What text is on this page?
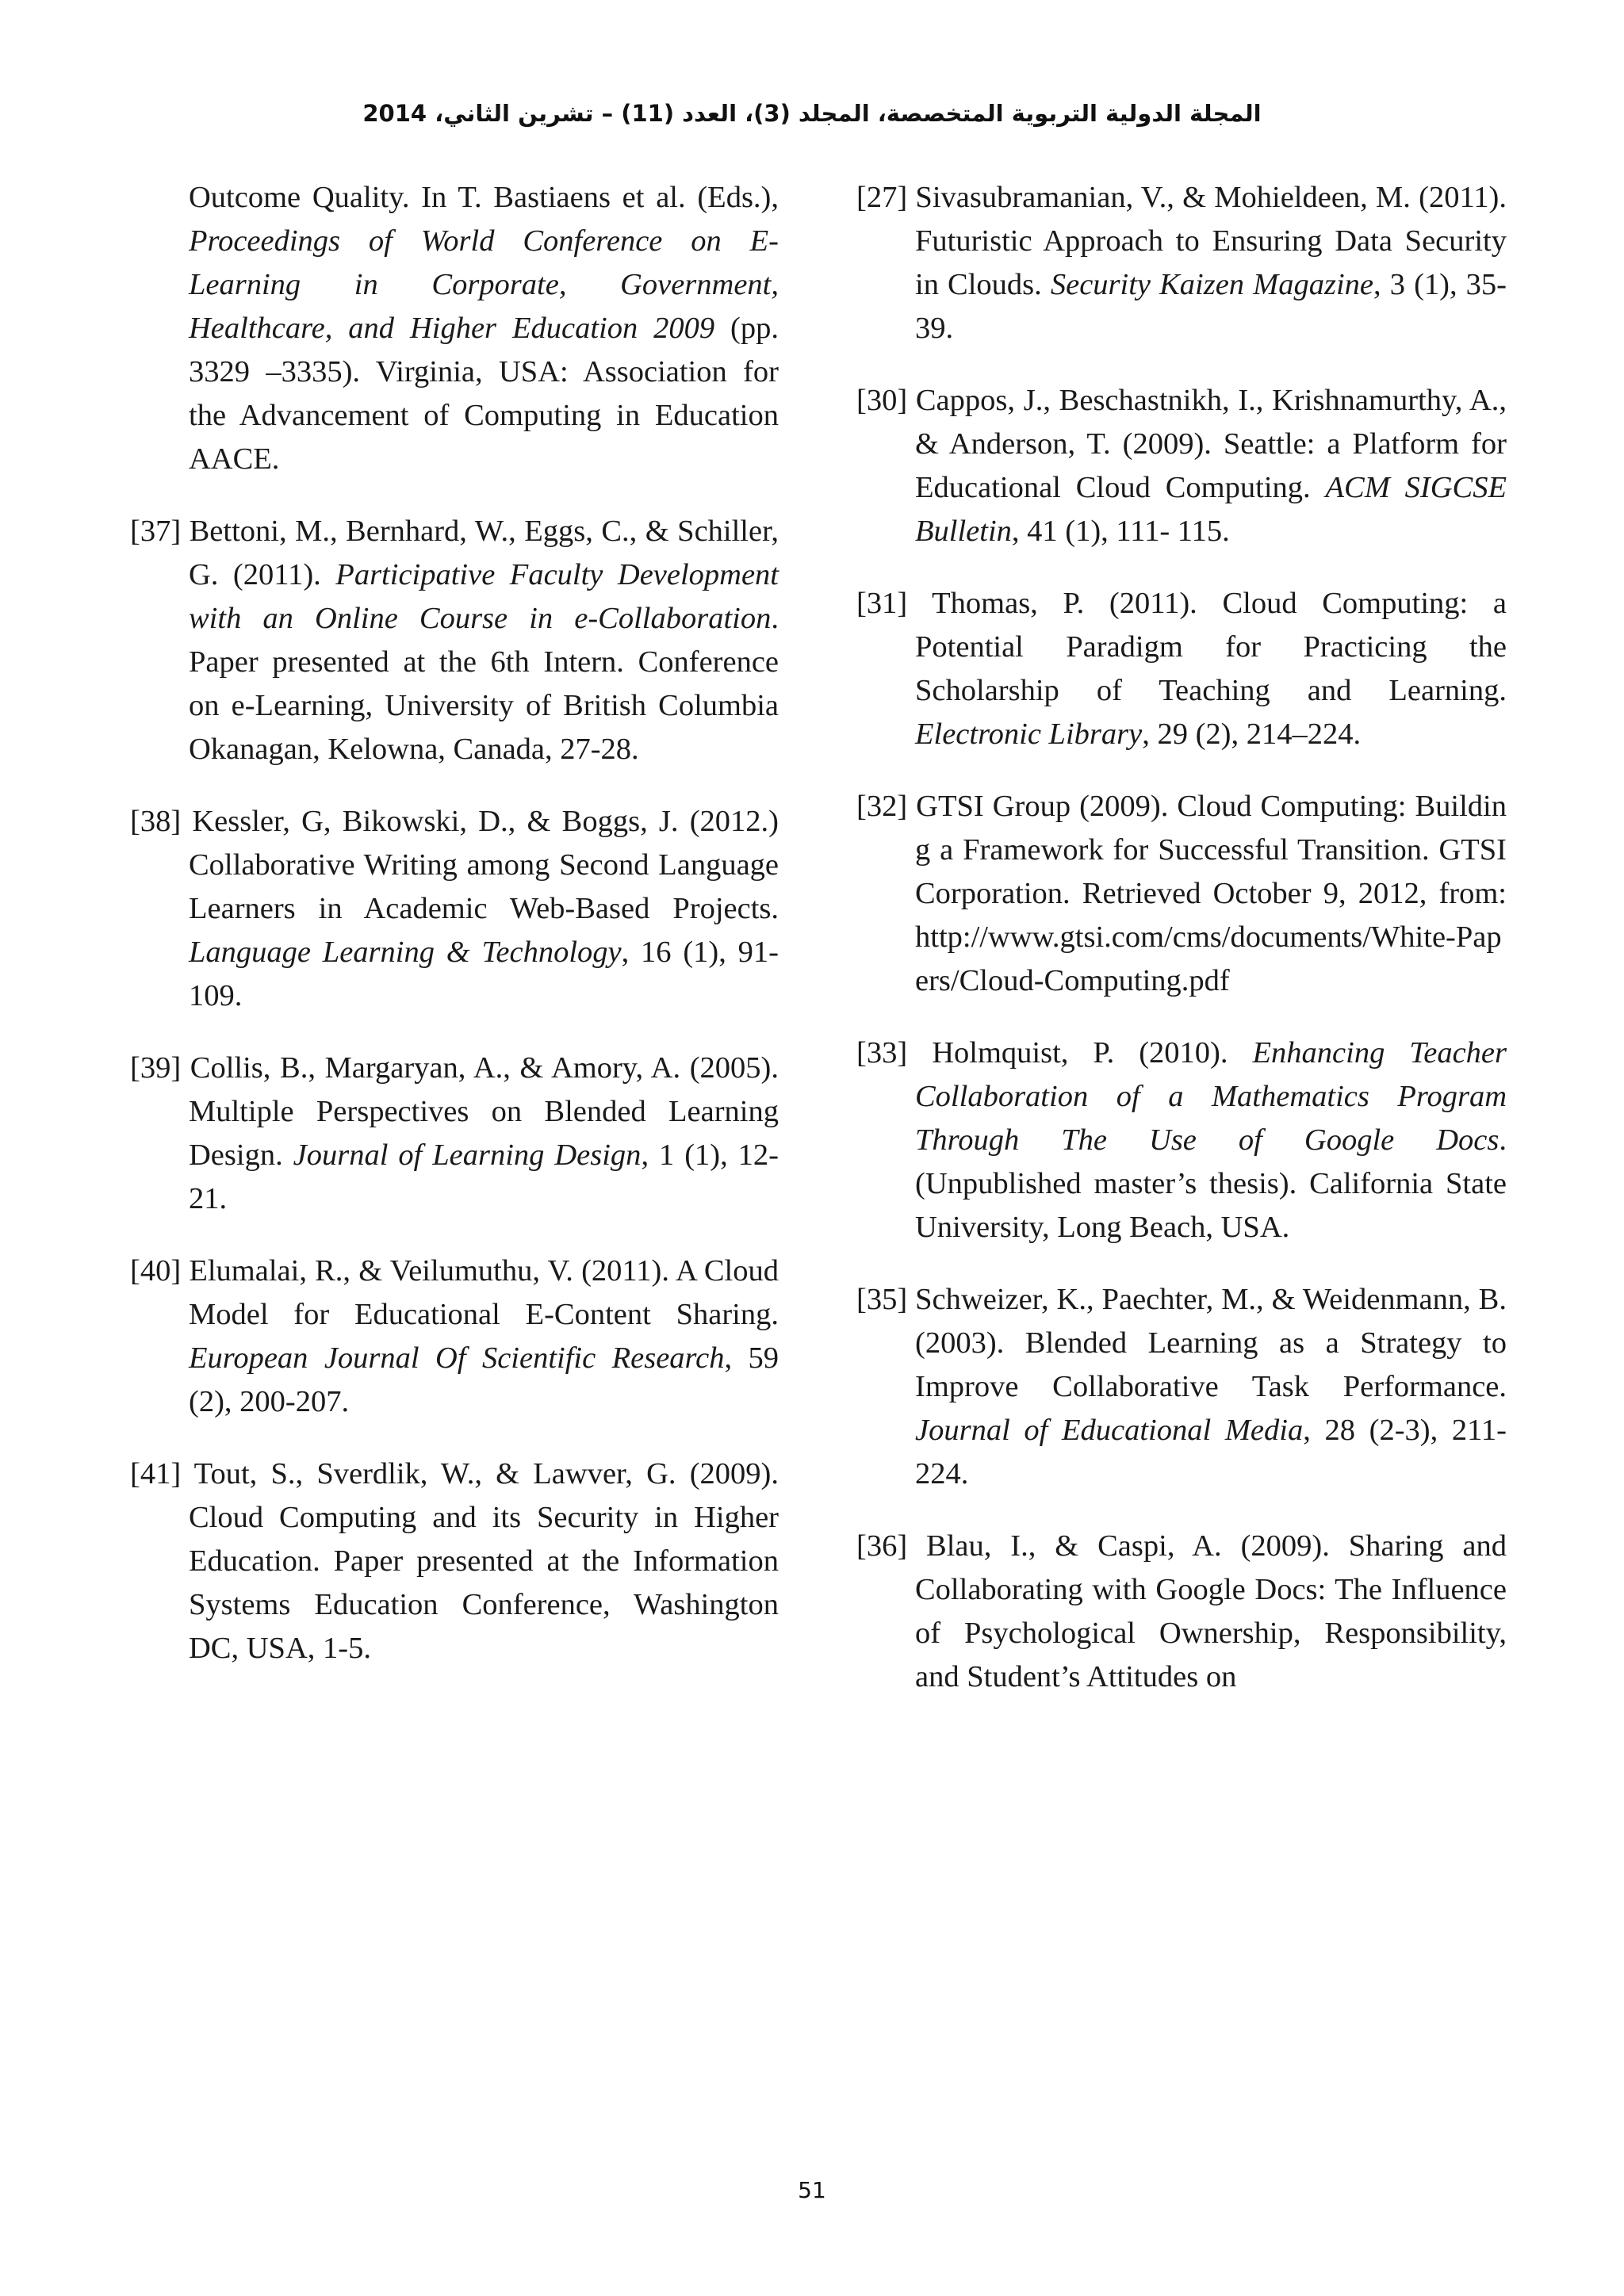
المجلة الدولية التربوية المتخصصة، المجلد (3)، العدد (11) – تشرين الثاني، 2014

Outcome Quality. In T. Bastiaens et al. (Eds.), Proceedings of World Conference on E-Learning in Corporate, Government, Healthcare, and Higher Education 2009 (pp. 3329 –3335). Virginia, USA: Association for the Advancement of Computing in Education AACE.

[37] Bettoni, M., Bernhard, W., Eggs, C., & Schiller, G. (2011). Participative Faculty Development with an Online Course in e-Collaboration. Paper presented at the 6th Intern. Conference on e-Learning, University of British Columbia Okanagan, Kelowna, Canada, 27-28.

[38] Kessler, G, Bikowski, D., & Boggs, J. (2012.) Collaborative Writing among Second Language Learners in Academic Web-Based Projects. Language Learning & Technology, 16 (1), 91-109.

[39] Collis, B., Margaryan, A., & Amory, A. (2005). Multiple Perspectives on Blended Learning Design. Journal of Learning Design, 1 (1), 12-21.

[40] Elumalai, R., & Veilumuthu, V. (2011). A Cloud Model for Educational E-Content Sharing. European Journal Of Scientific Research, 59 (2), 200-207.

[41] Tout, S., Sverdlik, W., & Lawver, G. (2009). Cloud Computing and its Security in Higher Education. Paper presented at the Information Systems Education Conference, Washington DC, USA, 1-5.

[27] Sivasubramanian, V., & Mohieldeen, M. (2011). Futuristic Approach to Ensuring Data Security in Clouds. Security Kaizen Magazine, 3 (1), 35- 39.

[30] Cappos, J., Beschastnikh, I., Krishnamurthy, A., & Anderson, T. (2009). Seattle: a Platform for Educational Cloud Computing. ACM SIGCSE Bulletin, 41 (1), 111- 115.

[31] Thomas, P. (2011). Cloud Computing: a Potential Paradigm for Practicing the Scholarship of Teaching and Learning. Electronic Library, 29 (2), 214–224.

[32] GTSI Group (2009). Cloud Computing: Building a Framework for Successful Transition. GTSI Corporation. Retrieved October 9, 2012, from: http://www.gtsi.com/cms/documents/White-Papers/Cloud-Computing.pdf

[33] Holmquist, P. (2010). Enhancing Teacher Collaboration of a Mathematics Program Through The Use of Google Docs. (Unpublished master’s thesis). California State University, Long Beach, USA.

[35] Schweizer, K., Paechter, M., & Weidenmann, B. (2003). Blended Learning as a Strategy to Improve Collaborative Task Performance. Journal of Educational Media, 28 (2-3), 211- 224.

[36] Blau, I., & Caspi, A. (2009). Sharing and Collaborating with Google Docs: The Influence of Psychological Ownership, Responsibility, and Student’s Attitudes on

51
